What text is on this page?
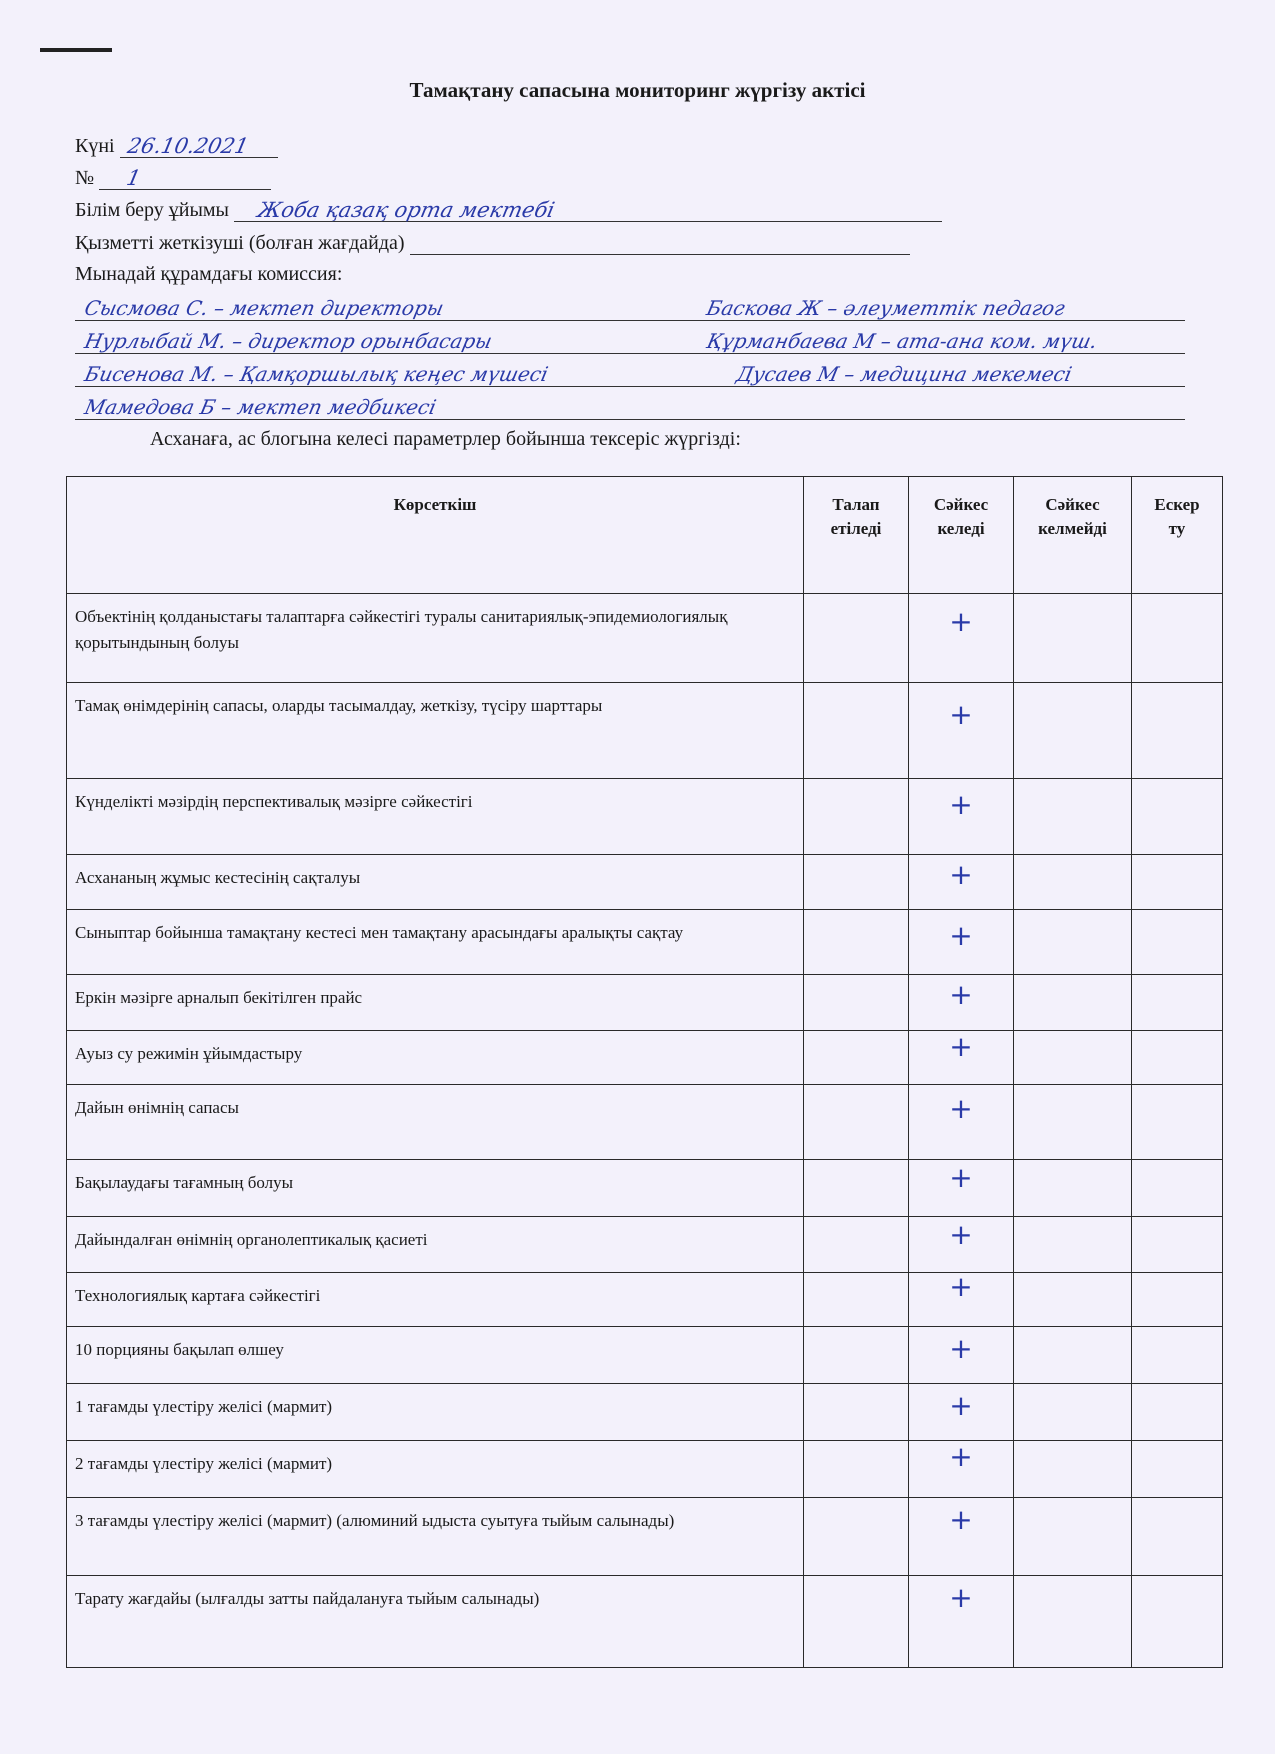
Тамақтану сапасына мониторинг жүргізу актісі
Күні 26.10.2021
№ 1
Білім беру ұйымы Жоба қазақ орта мектебі
Қызметті жеткізуші (болған жағдайда)
Мынадай құрамдағы комиссия:
Сысмова С. – мектеп директоры	Баскова Ж – әлеуметтік педагог
Нурлыбай М. – директор орынбасары	Құрманбаева М – ата-ана ком. мүш.
Бисенова М. – Қамқоршылық кеңес мүшесі	Дусаев М – медицина мекемесі
Мамедова Б – мектеп медбикесі
Асханаға, ас блогына келесі параметрлер бойынша тексеріс жүргізді:
Көрсеткіш	Талап етіледі	Сәйкес келеді	Сәйкес келмейді	Ескер ту
Объектінің қолданыстағы талаптарға сәйкестігі туралы санитариялық-эпидемиологиялық қорытындының болуы		+		
Тамақ өнімдерінің сапасы, оларды тасымалдау, жеткізу, түсіру шарттары		+		
Күнделікті мәзірдің перспективалық мәзірге сәйкестігі		+		
Асхананың жұмыс кестесінің сақталуы		+		
Сыныптар бойынша тамақтану кестесі мен тамақтану арасындағы аралықты сақтау		+		
Еркін мәзірге арналып бекітілген прайс		+		
Ауыз су режимін ұйымдастыру		+		
Дайын өнімнің сапасы		+		
Бақылаудағы тағамның болуы		+		
Дайындалған өнімнің органолептикалық қасиеті		+		
Технологиялық картаға сәйкестігі		+		
10 порцияны бақылап өлшеу		+		
1 тағамды үлестіру желісі (мармит)		+		
2 тағамды үлестіру желісі (мармит)		+		
3 тағамды үлестіру желісі (мармит) (алюминий ыдыста суытуға тыйым салынады)		+		
Тарату жағдайы (ылғалды затты пайдалануға тыйым салынады)		+		
